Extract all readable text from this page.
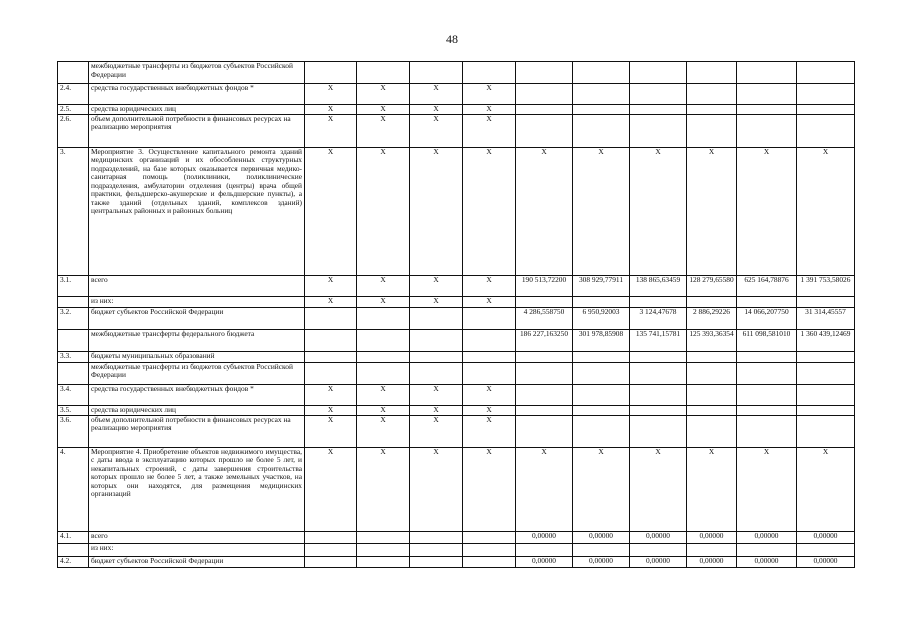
48
	межбюджетные трансферты из бюджетов субъектов Российской Федерации										
2.4.	средства государственных внебюджетных фондов *	X	X	X	X						
2.5.	средства юридических лиц	X	X	X	X						
2.6.	объем дополнительной потребности в финансовых ресурсах на реализацию мероприятия	X	X	X	X						
3.	Мероприятие 3. Осуществление капитального ремонта зданий медицинских организаций и их обособленных структурных подразделений, на базе которых оказывается первичная медико-санитарная помощь (поликлиники, поликлинические подразделения, амбулатории отделения (центры) врача общей практики, фельдшерско-акушерские и фельдшерские пункты), а также зданий (отдельных зданий, комплексов зданий) центральных районных и районных больниц	X	X	X	X	X	X	X	X	X	X
3.1.	всего	X	X	X	X	190 513,72200	308 929,77911	138 865,63459	128 279,65580	625 164,78876	1 391 753,58026
	из них:	X	X	X	X						
3.2.	бюджет субъектов Российской Федерации					4 286,558750	6 950,92003	3 124,47678	2 886,29226	14 066,207750	31 314,45557
	межбюджетные трансферты федерального бюджета					186 227,163250	301 978,85908	135 741,15781	125 393,36354	611 098,581010	1 360 439,12469
3.3.	бюджеты муниципальных образований										
	межбюджетные трансферты из бюджетов субъектов Российской Федерации										
3.4.	средства государственных внебюджетных фондов *	X	X	X	X						
3.5.	средства юридических лиц	X	X	X	X						
3.6.	объем дополнительной потребности в финансовых ресурсах на реализацию мероприятия	X	X	X	X						
4.	Мероприятие 4. Приобретение объектов недвижимого имущества, с даты ввода в эксплуатацию которых прошло не более 5 лет, и некапитальных строений, с даты завершения строительства которых прошло не более 5 лет, а также земельных участков, на которых они находятся, для размещения медицинских организаций	X	X	X	X	X	X	X	X	X	X
4.1.	всего					0,00000	0,00000	0,00000	0,00000	0,00000	0,00000
	из них:										
4.2.	бюджет субъектов Российской Федерации					0,00000	0,00000	0,00000	0,00000	0,00000	0,00000
